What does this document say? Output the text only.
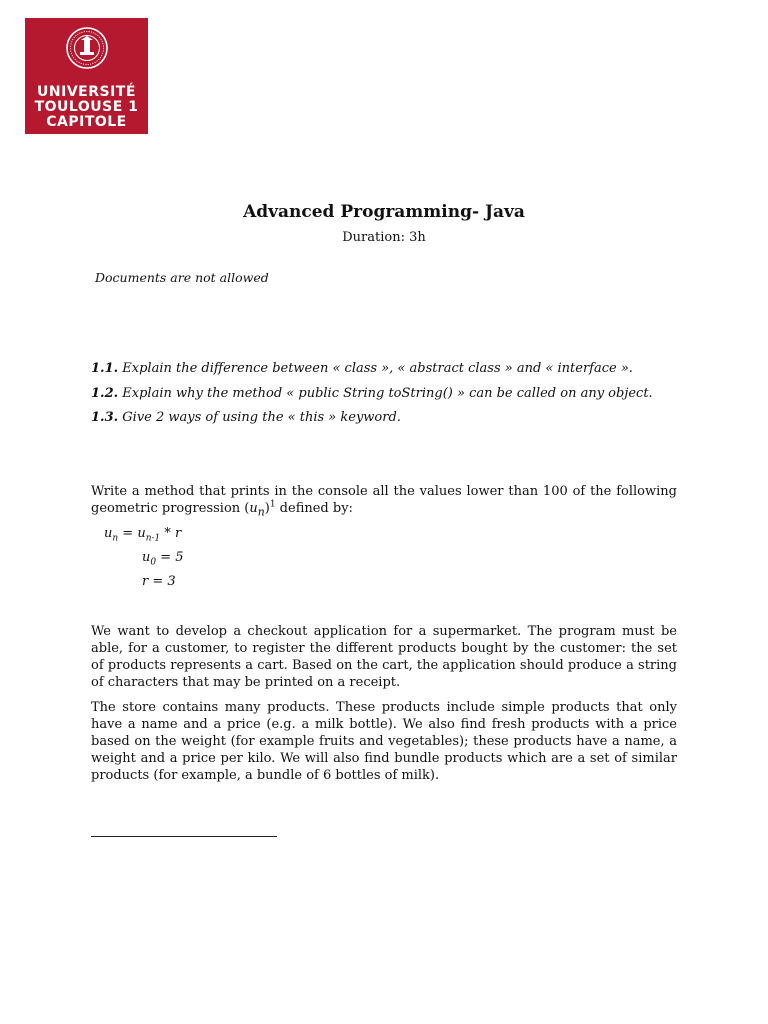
UNIVERSITÉ
TOULOUSE 1
CAPITOLE
Advanced Programming- Java
Duration: 3h
Documents are not allowed
1.1. Explain the difference between « class », « abstract class » and « interface ».
1.2. Explain why the method « public String toString() » can be called on any object.
1.3. Give 2 ways of using the « this » keyword.
Write a method that prints in the console all the values lower than 100 of the following geometric progression $(u_n)^1$ defined by:
$u_n = u_{n-1} * r$
$u_0 = 5$
r = 3
We want to develop a checkout application for a supermarket. The program must be able, for a customer, to register the different products bought by the customer: the set of products represents a cart. Based on the cart, the application should produce a string of characters that may be printed on a receipt.
The store contains many products. These products include simple products that only have a name and a price (e.g. a milk bottle). We also find fresh products with a price based on the weight (for example fruits and vegetables); these products have a name, a weight and a price per kilo. We will also find bundle products which are a set of similar products (for example, a bundle of 6 bottles of milk).
